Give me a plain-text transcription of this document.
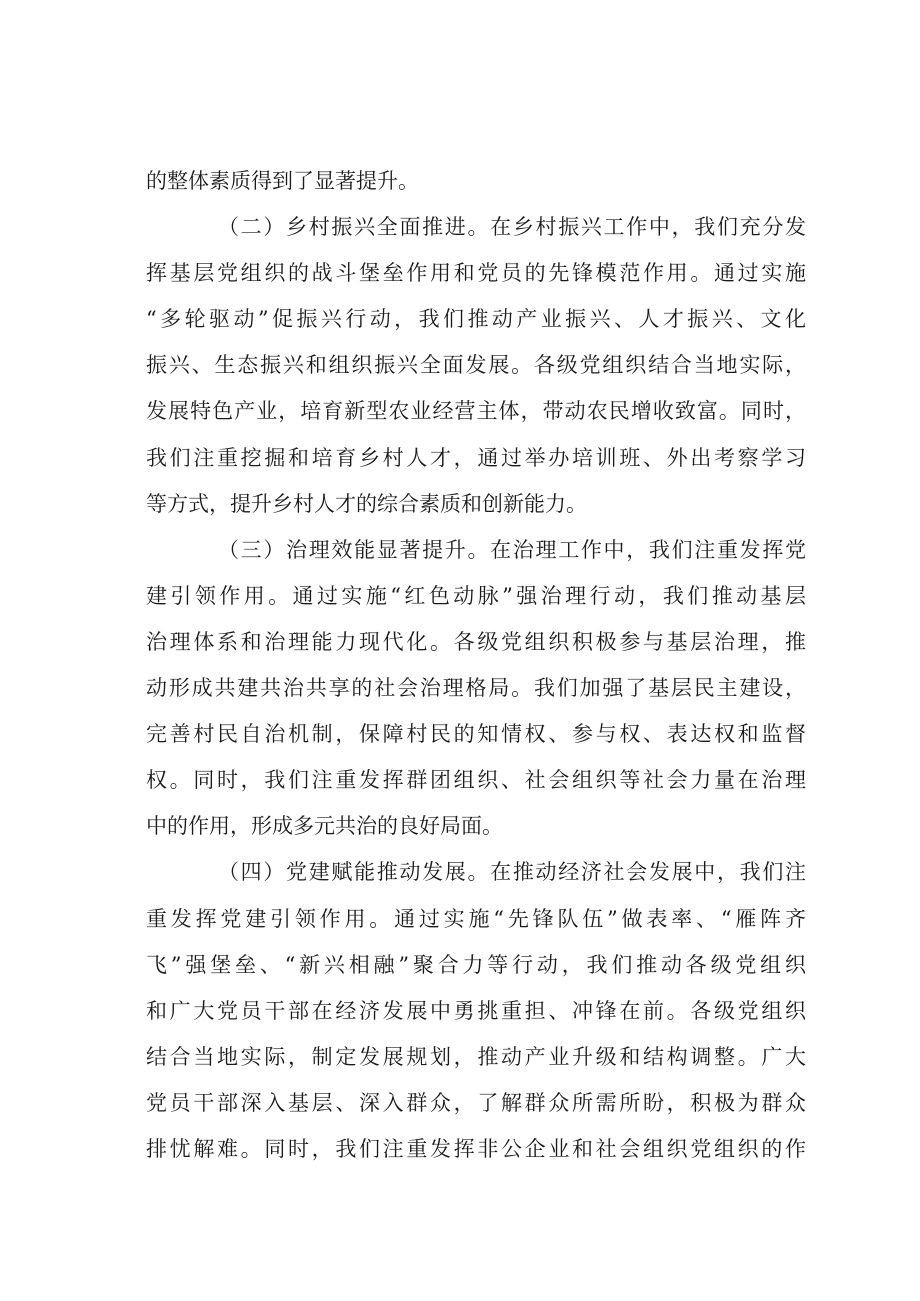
的整体素质得到了显著提升。
（二）乡村振兴全面推进。在乡村振兴工作中，我们充分发
挥基层党组织的战斗堡垒作用和党员的先锋模范作用。通过实施
“多轮驱动”促振兴行动，我们推动产业振兴、人才振兴、文化
振兴、生态振兴和组织振兴全面发展。各级党组织结合当地实际，
发展特色产业，培育新型农业经营主体，带动农民增收致富。同时，
我们注重挖掘和培育乡村人才，通过举办培训班、外出考察学习
等方式，提升乡村人才的综合素质和创新能力。
（三）治理效能显著提升。在治理工作中，我们注重发挥党
建引领作用。通过实施“红色动脉”强治理行动，我们推动基层
治理体系和治理能力现代化。各级党组织积极参与基层治理，推
动形成共建共治共享的社会治理格局。我们加强了基层民主建设，
完善村民自治机制，保障村民的知情权、参与权、表达权和监督
权。同时，我们注重发挥群团组织、社会组织等社会力量在治理
中的作用，形成多元共治的良好局面。
（四）党建赋能推动发展。在推动经济社会发展中，我们注
重发挥党建引领作用。通过实施“先锋队伍”做表率、“雁阵齐
飞”强堡垒、“新兴相融”聚合力等行动，我们推动各级党组织
和广大党员干部在经济发展中勇挑重担、冲锋在前。各级党组织
结合当地实际，制定发展规划，推动产业升级和结构调整。广大
党员干部深入基层、深入群众，了解群众所需所盼，积极为群众
排忧解难。同时，我们注重发挥非公企业和社会组织党组织的作
